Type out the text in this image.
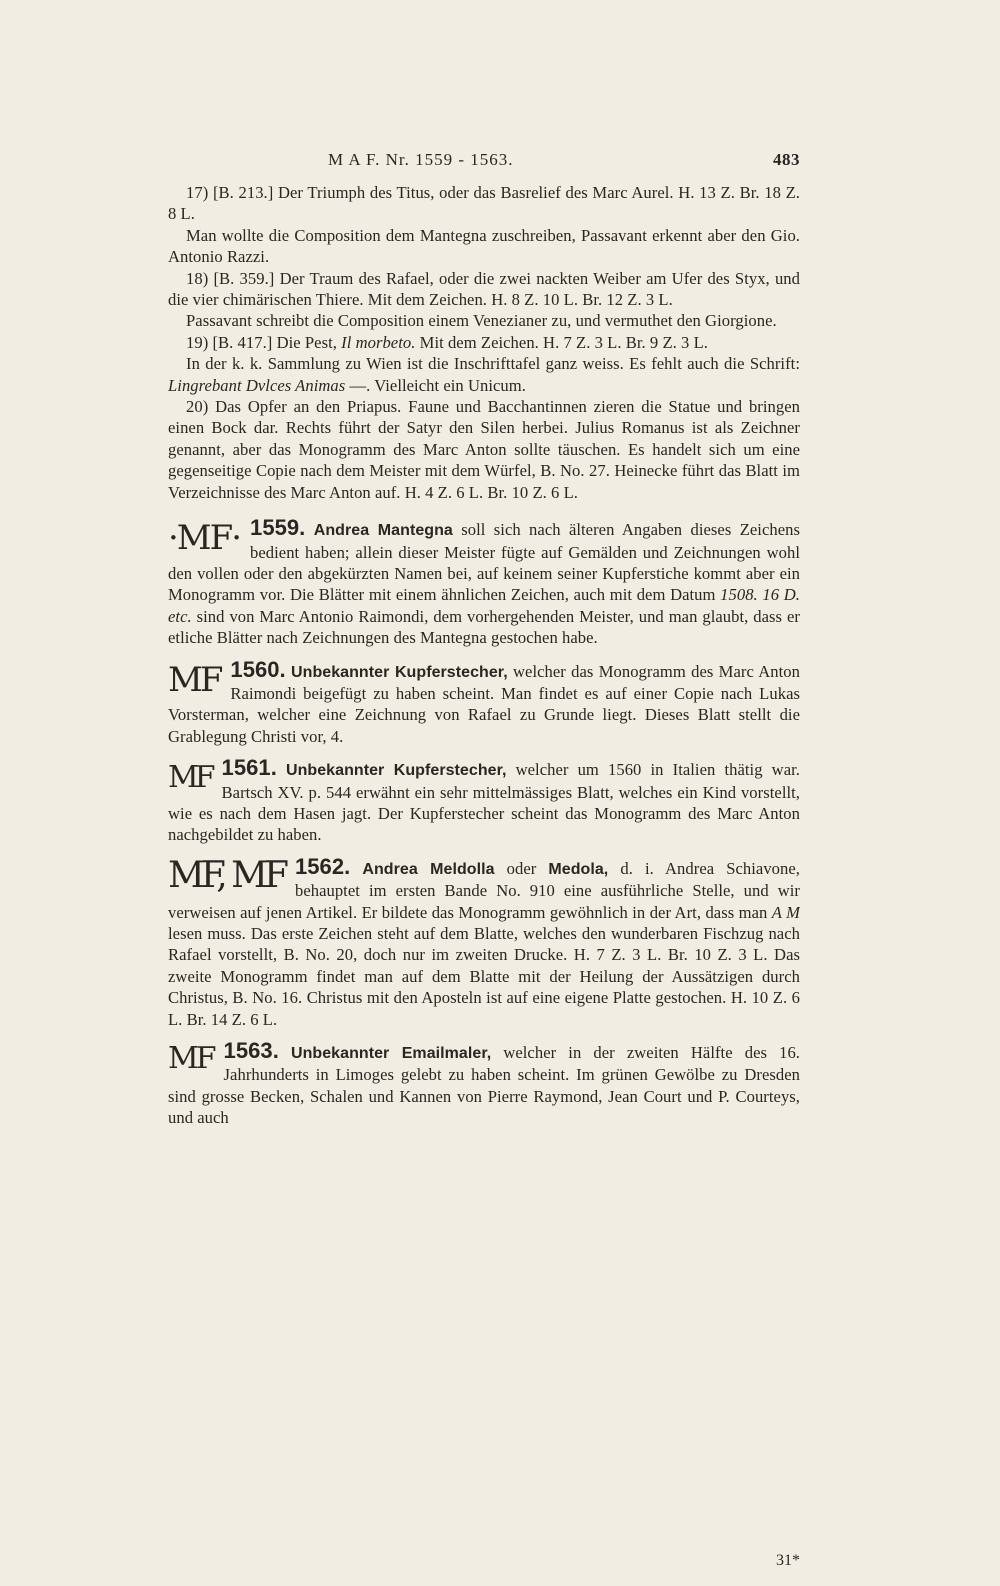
M A F. Nr. 1559 - 1563.	483

17) [B. 213.] Der Triumph des Titus, oder das Basrelief des Marc Aurel. H. 13 Z. Br. 18 Z. 8 L.

Man wollte die Composition dem Mantegna zuschreiben, Passavant erkennt aber den Gio. Antonio Razzi.

18) [B. 359.] Der Traum des Rafael, oder die zwei nackten Weiber am Ufer des Styx, und die vier chimärischen Thiere. Mit dem Zeichen. H. 8 Z. 10 L. Br. 12 Z. 3 L.

Passavant schreibt die Composition einem Venezianer zu, und vermuthet den Giorgione.

19) [B. 417.] Die Pest, Il morbeto. Mit dem Zeichen. H. 7 Z. 3 L. Br. 9 Z. 3 L.

In der k. k. Sammlung zu Wien ist die Inschrifttafel ganz weiss. Es fehlt auch die Schrift: Lingrebant Dvlces Animas —. Vielleicht ein Unicum.

20) Das Opfer an den Priapus. Faune und Bacchantinnen zieren die Statue und bringen einen Bock dar. Rechts führt der Satyr den Silen herbei. Julius Romanus ist als Zeichner genannt, aber das Monogramm des Marc Anton sollte täuschen. Es handelt sich um eine gegenseitige Copie nach dem Meister mit dem Würfel, B. No. 27. Heinecke führt das Blatt im Verzeichnisse des Marc Anton auf. H. 4 Z. 6 L. Br. 10 Z. 6 L.

1559. Andrea Mantegna
·MF·	soll sich nach älteren Angaben dieses Zeichens bedient haben; allein dieser Meister fügte auf Gemälden und Zeichnungen wohl den vollen oder den abgekürzten Namen bei, auf keinem seiner Kupferstiche kommt aber ein Monogramm vor. Die Blätter mit einem ähnlichen Zeichen, auch mit dem Datum 1508. 16 D. etc. sind von Marc Antonio Raimondi, dem vorhergehenden Meister, und man glaubt, dass er etliche Blätter nach Zeichnungen des Mantegna gestochen habe.

1560. Unbekannter Kupferstecher,
MF	welcher das Monogramm des Marc Anton Raimondi beigefügt zu haben scheint. Man findet es auf einer Copie nach Lukas Vorsterman, welcher eine Zeichnung von Rafael zu Grunde liegt. Dieses Blatt stellt die Grablegung Christi vor, 4.

1561. Unbekannter Kupferstecher,
MF	welcher um 1560 in Italien thätig war. Bartsch XV. p. 544 erwähnt ein sehr mittelmässiges Blatt, welches ein Kind vorstellt, wie es nach dem Hasen jagt. Der Kupferstecher scheint das Monogramm des Marc Anton nachgebildet zu haben.

1562. Andrea Meldolla oder Medola,
MF, MF	d. i. Andrea Schiavone, behauptet im ersten Bande No. 910 eine ausführliche Stelle, und wir verweisen auf jenen Artikel. Er bildete das Monogramm gewöhnlich in der Art, dass man A M lesen muss. Das erste Zeichen steht auf dem Blatte, welches den wunderbaren Fischzug nach Rafael vorstellt, B. No. 20, doch nur im zweiten Drucke. H. 7 Z. 3 L. Br. 10 Z. 3 L. Das zweite Monogramm findet man auf dem Blatte mit der Heilung der Aussätzigen durch Christus, B. No. 16. Christus mit den Aposteln ist auf eine eigene Platte gestochen. H. 10 Z. 6 L. Br. 14 Z. 6 L.

1563. Unbekannter Emailmaler,
MF	welcher in der zweiten Hälfte des 16. Jahrhunderts in Limoges gelebt zu haben scheint. Im grünen Gewölbe zu Dresden sind grosse Becken, Schalen und Kannen von Pierre Raymond, Jean Court und P. Courteys, und auch

31*
